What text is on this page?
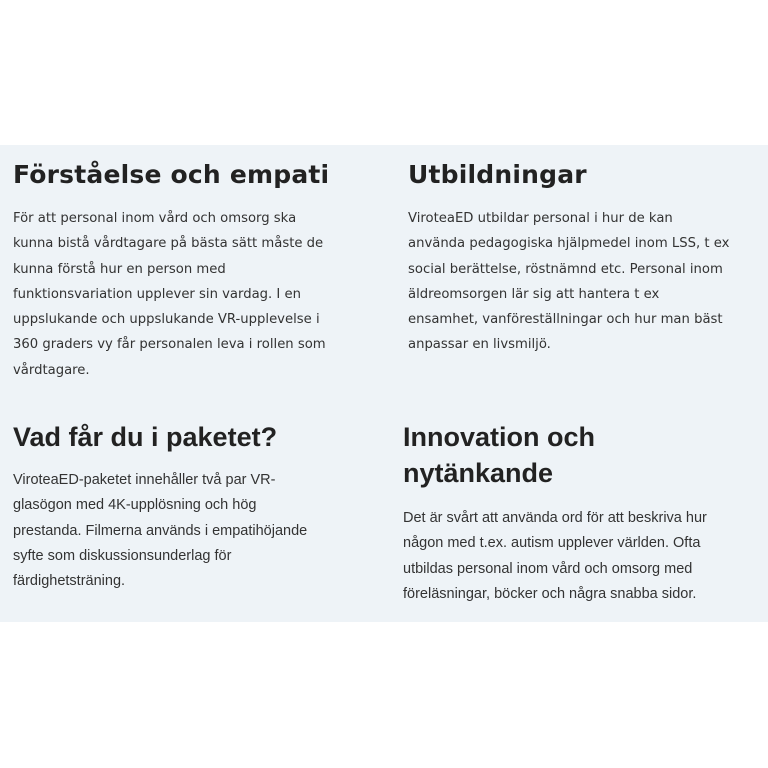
Förståelse och empati
För att personal inom vård och omsorg ska
kunna bistå vårdtagare på bästa sätt måste de
kunna förstå hur en person med
funktionsvariation upplever sin vardag. I en
uppslukande och uppslukande VR-upplevelse i
360 graders vy får personalen leva i rollen som
vårdtagare.
Utbildningar
ViroteaED utbildar personal i hur de kan
använda pedagogiska hjälpmedel inom LSS, t ex
social berättelse, röstnämnd etc. Personal inom
äldreomsorgen lär sig att hantera t ex
ensamhet, vanföreställningar och hur man bäst
anpassar en livsmiljö.
Vad får du i paketet?
ViroteaED-paketet innehåller två par VR-
glasögon med 4K-upplösning och hög
prestanda. Filmerna används i empatihöjande
syfte som diskussionsunderlag för
färdighetsträning.
Innovation och
nytänkande
Det är svårt att använda ord för att beskriva hur
någon med t.ex. autism upplever världen. Ofta
utbildas personal inom vård och omsorg med
föreläsningar, böcker och några snabba sidor.
